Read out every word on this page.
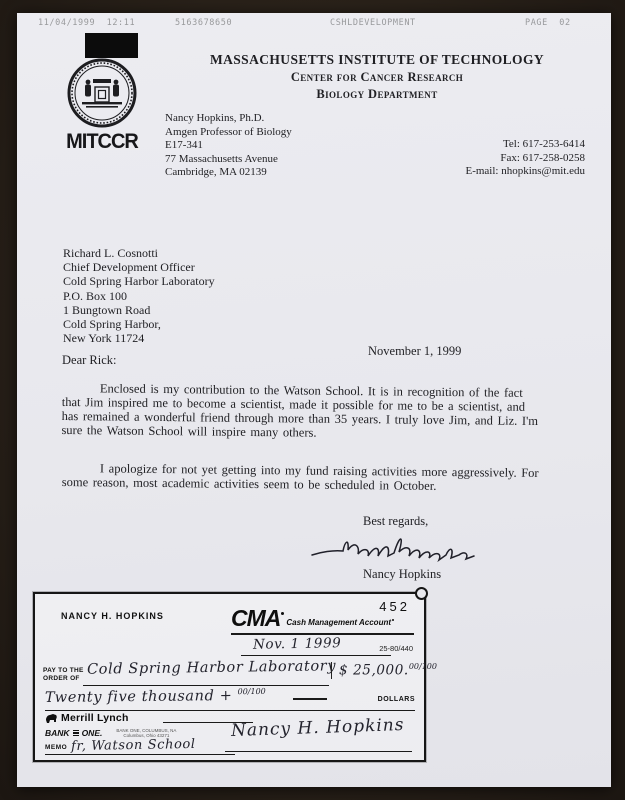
11/04/1999  12:11	5163678650	CSHLDEVELOPMENT	PAGE  02
MASSACHUSETTS INSTITUTE OF TECHNOLOGY
Center for Cancer Research
Biology Department
MITCCR
Nancy Hopkins, Ph.D.
Amgen Professor of Biology
E17-341
77 Massachusetts Avenue
Cambridge, MA 02139
Tel: 617-253-6414
Fax: 617-258-0258
E-mail: nhopkins@mit.edu
Richard L. Cosnotti
Chief Development Officer
Cold Spring Harbor Laboratory
P.O. Box 100
1 Bungtown Road
Cold Spring Harbor,
New York 11724
November 1, 1999
Dear Rick:

Enclosed is my contribution to the Watson School. It is in recognition of the fact that Jim inspired me to become a scientist, made it possible for me to be a scientist, and has remained a wonderful friend through more than 35 years. I truly love Jim, and Liz. I'm sure the Watson School will inspire many others.

I apologize for not yet getting into my fund raising activities more aggressively. For some reason, most academic activities seem to be scheduled in October.

Best regards,
Nancy Hopkins
NANCY H. HOPKINS
452
CMA Cash Management Account
Nov. 1 1999	25-80/440
PAY TO THE
ORDER OF
Cold Spring Harbor Laboratory $ 25,000.$^{00/100}$
Twenty five thousand + $^{00/100}$
DOLLARS
Merrill Lynch
BANK ONE.	BANK ONE, COLUMBUS, NA
Columbus, Ohio 43271
MEMO fr, Watson School
Nancy H. Hopkins
